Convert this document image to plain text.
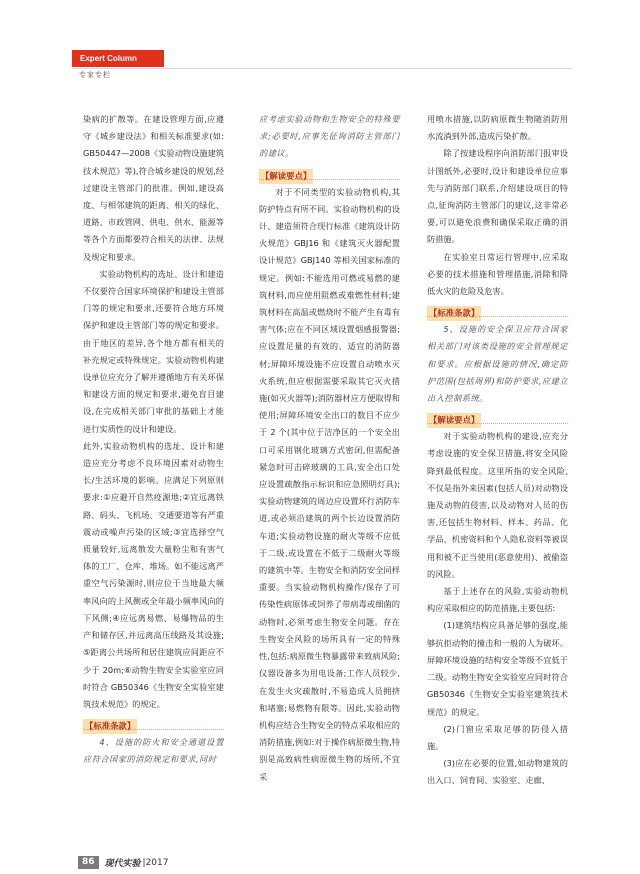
Expert Column
专家专栏

染病的扩散等。在建设管理方面,应遵守《城乡建设法》和相关标准要求(如:GB50447—2008《实验动物设施建筑技术规范》等),符合城乡建设的规划,经过建设主管部门的批准。例如,建设高度、与相邻建筑的距离、相关的绿化、道路、市政管网、供电、供水、能源等等各个方面都要符合相关的法律、法规及规定和要求。

实验动物机构的选址、设计和建造不仅要符合国家环境保护和建设主管部门等的规定和要求,还要符合地方环境保护和建设主管部门等的规定和要求。由于地区的差异,各个地方都有相关的补充规定或特殊规定。实验动物机构建设单位应充分了解并遵循地方有关环保和建设方面的规定和要求,避免盲目建设,在完成相关部门审批的基础上才能进行实质性的设计和建设。

此外,实验动物机构的选址、设计和建造应充分考虑不良环境因素对动物生长/生活环境的影响。应满足下列原则要求:①应避开自然疫源地;②宜远离铁路、码头、飞机场、交通要道等有严重震动或噪声污染的区域;③宜选择空气质量较好,远离散发大量粉尘和有害气体的工厂、仓库、堆场。如不能远离严重空气污染源时,则应位于当地最大频率风向的上风侧或全年最小频率风向的下风侧;④应远离易燃、易爆物品的生产和储存区,并远离高压线路及其设施;⑤距离公共场所和居住建筑应间距应不少于 20m;⑥动物生物安全实验室应同时符合 GB50346《生物安全实验室建筑技术规范》的规定。

【标准条款】

4、设施的防火和安全通道设置应符合国家的消防规定和要求,同时

应考虑实验动物和生物安全的特殊要求;必要时,应事先征询消防主管部门的建议。

【解读要点】

对于不同类型的实验动物机构,其防护特点有所不同。实验动物机构的设计、建造须符合现行标准《建筑设计防火规范》GBJ16 和《建筑灭火器配置设计规范》GBJ140 等相关国家标准的规定。例如:不能选用可燃或易燃的建筑材料,而应使用阻燃或难燃性材料;建筑材料在高温或燃烧时不能产生有毒有害气体;应在不同区域设置烟感报警器;应设置足量的有效的、适宜的消防器材;屏障环境设施不应设置自动喷水灭火系统,但应根据需要采取其它灭火措施(如灭火器等);消防器材应方便取得和使用;屏障环境安全出口的数目不应少于 2 个(其中位于洁净区的一个安全出口可采用钢化玻璃方式密闭,但需配备紧急时可击碎玻璃的工具,安全出口处应设置疏散指示标识和应急照明灯具);实验动物建筑的周边应设置环行消防车道,或必须沿建筑的两个长边设置消防车道;实验动物设施的耐火等级不应低于二级,或设置在不低于二级耐火等级的建筑中等。生物安全和消防安全同样重要。当实验动物机构操作/保存了可传染性病原体或饲养了带病毒或细菌的动物时,必须考虑生物安全问题。存在生物安全风险的场所具有一定的特殊性,包括:病原微生物暴露带来致病风险;仪器设备多为用电设备;工作人员较少,在发生火灾疏散时,不易造成人员拥挤和堵塞;易燃物有限等。因此,实验动物机构应结合生物安全的特点采取相应的消防措施,例如:对于操作病原微生物,特别是高致病性病原微生物的场所,不宜采

用喷水措施,以防病原微生物随消防用水流淌到外部,造成污染扩散。

除了按建设程序向消防部门报审设计图纸外,必要时,设计和建设单位应事先与消防部门联系,介绍建设项目的特点,征询消防主管部门的建议,这非常必要,可以避免浪费和确保采取正确的消防措施。

在实验室日常运行管理中,应采取必要的技术措施和管理措施,消除和降低火灾的危险及危害。

【标准条款】

5、设施的安全保卫应符合国家相关部门对该类设施的安全管理规定和要求。应根据设施的情况,确定防护范围(包括周界)和防护要求,应建立出入控制系统。

【解读要点】

对于实验动物机构的建设,应充分考虑设施的安全保卫措施,将安全风险降到最低程度。这里所指的安全风险,不仅是指外来因素(包括人员)对动物设施及动物的侵害,以及动物对人员的伤害,还包括生物材料、样本、药品、化学品、机密资料和个人隐私资料等被误用和被不正当使用(恶意使用)、被偷盗的风险。

基于上述存在的风险,实验动物机构应采取相应的防范措施,主要包括:

(1)建筑结构应具备足够的强度,能够抗拒动物的撞击和一般的人为破坏。屏障环境设施的结构安全等级不宜低于二级。动物生物安全实验室应同时符合 GB50346《生物安全实验室建筑技术规范》的规定。

(2)门窗应采取足够的防侵入措施。

(3)应在必要的位置,如动物建筑的出入口、饲育间、实验室、走廊、

86	现代实验 |2017
